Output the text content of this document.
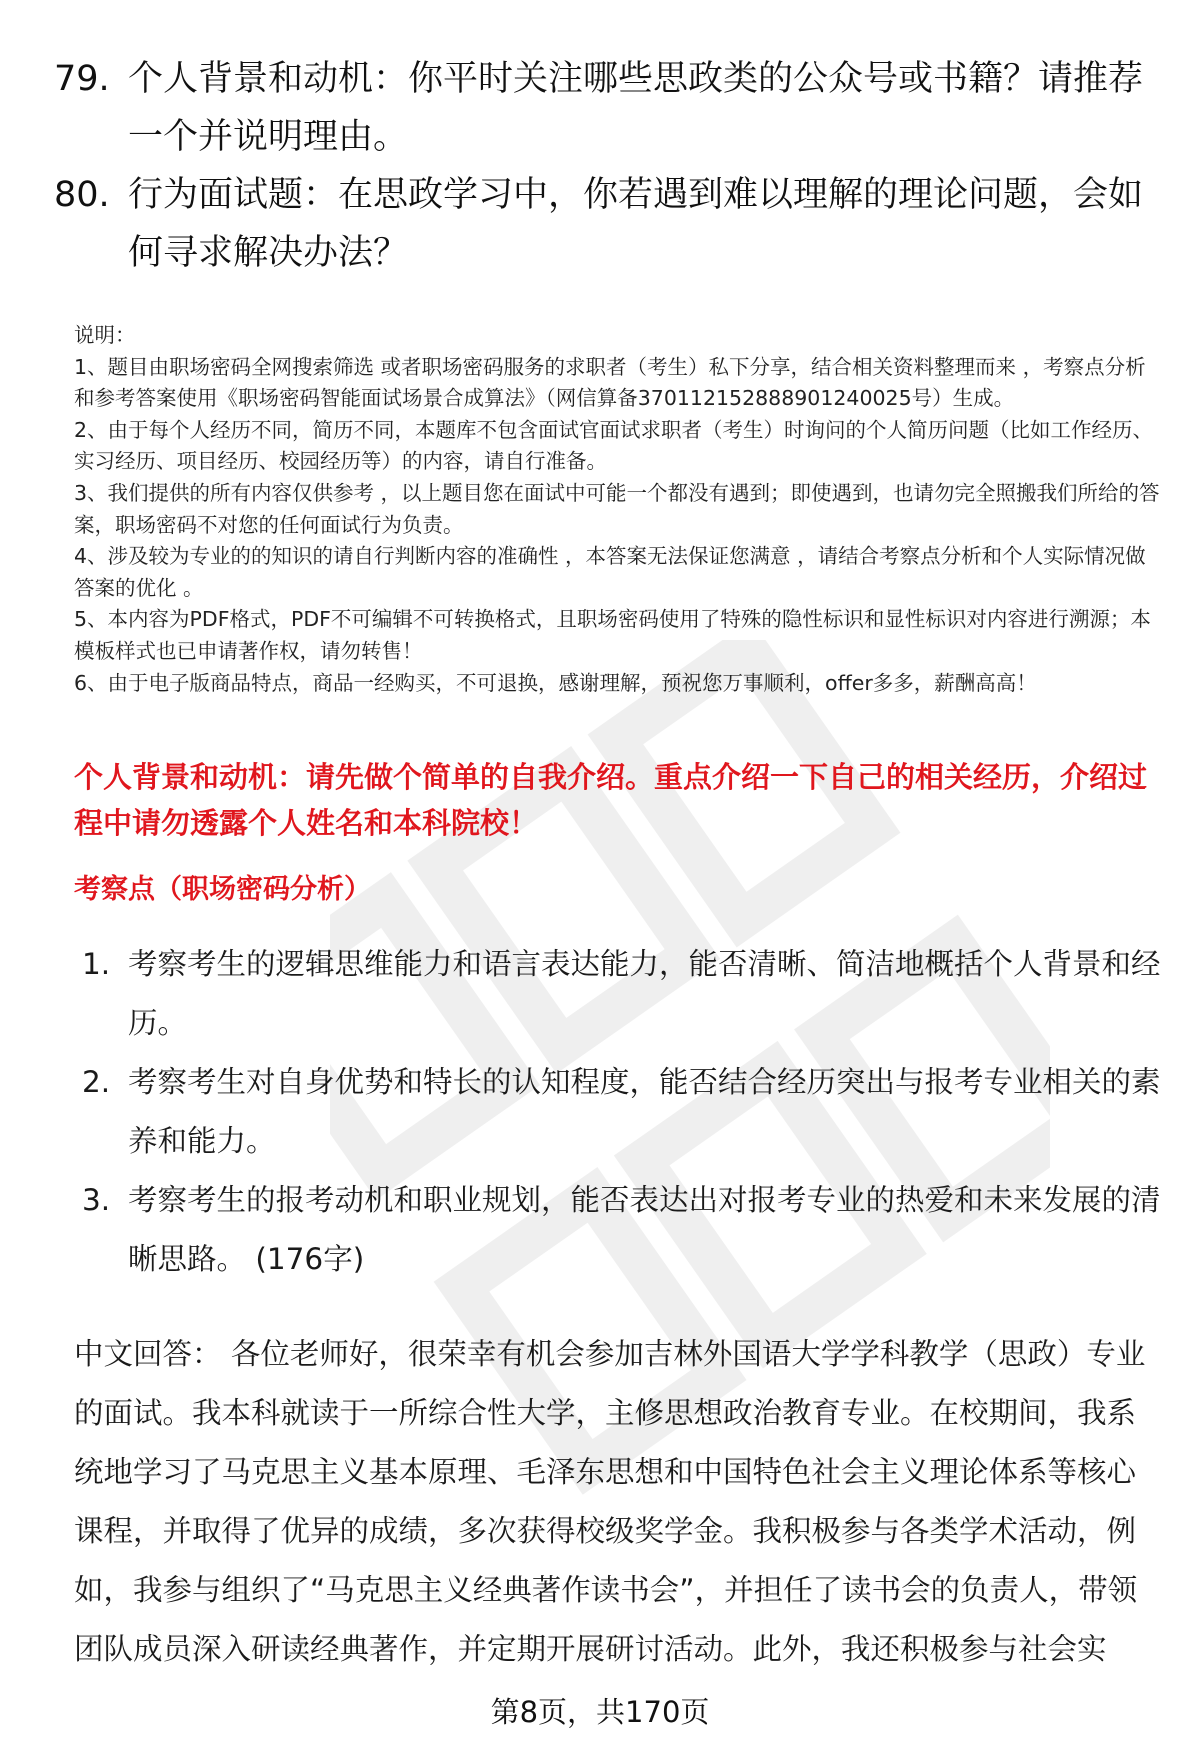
79. 个人背景和动机：你平时关注哪些思政类的公众号或书籍？请推荐一个并说明理由。
80. 行为面试题：在思政学习中，你若遇到难以理解的理论问题，会如何寻求解决办法？

说明：

1、题目由职场密码全网搜索筛选 或者职场密码服务的求职者（考生）私下分享，结合相关资料整理而来 ，考察点分析和参考答案使用《职场密码智能面试场景合成算法》（网信算备370112152888901240025号）生成。

2、由于每个人经历不同，简历不同，本题库不包含面试官面试求职者（考生）时询问的个人简历问题（比如工作经历、实习经历、项目经历、校园经历等）的内容，请自行准备。

3、我们提供的所有内容仅供参考 ，以上题目您在面试中可能一个都没有遇到；即使遇到，也请勿完全照搬我们所给的答案，职场密码不对您的任何面试行为负责。

4、涉及较为专业的的知识的请自行判断内容的准确性 ，本答案无法保证您满意 ，请结合考察点分析和个人实际情况做答案的优化 。

5、本内容为PDF格式，PDF不可编辑不可转换格式，且职场密码使用了特殊的隐性标识和显性标识对内容进行溯源；本模板样式也已申请著作权，请勿转售！

6、由于电子版商品特点，商品一经购买，不可退换，感谢理解，预祝您万事顺利，offer多多，薪酬高高！

个人背景和动机：请先做个简单的自我介绍。重点介绍一下自己的相关经历，介绍过程中请勿透露个人姓名和本科院校！
考察点（职场密码分析）
1. 考察考生的逻辑思维能力和语言表达能力，能否清晰、简洁地概括个人背景和经历。
2. 考察考生对自身优势和特长的认知程度，能否结合经历突出与报考专业相关的素养和能力。
3. 考察考生的报考动机和职业规划，能否表达出对报考专业的热爱和未来发展的清晰思路。 (176字)
中文回答： 各位老师好，很荣幸有机会参加吉林外国语大学学科教学（思政）专业的面试。我本科就读于一所综合性大学，主修思想政治教育专业。在校期间，我系统地学习了马克思主义基本原理、毛泽东思想和中国特色社会主义理论体系等核心课程，并取得了优异的成绩，多次获得校级奖学金。我积极参与各类学术活动，例如，我参与组织了“马克思主义经典著作读书会”，并担任了读书会的负责人，带领团队成员深入研读经典著作，并定期开展研讨活动。此外，我还积极参与社会实
第8页，共170页
